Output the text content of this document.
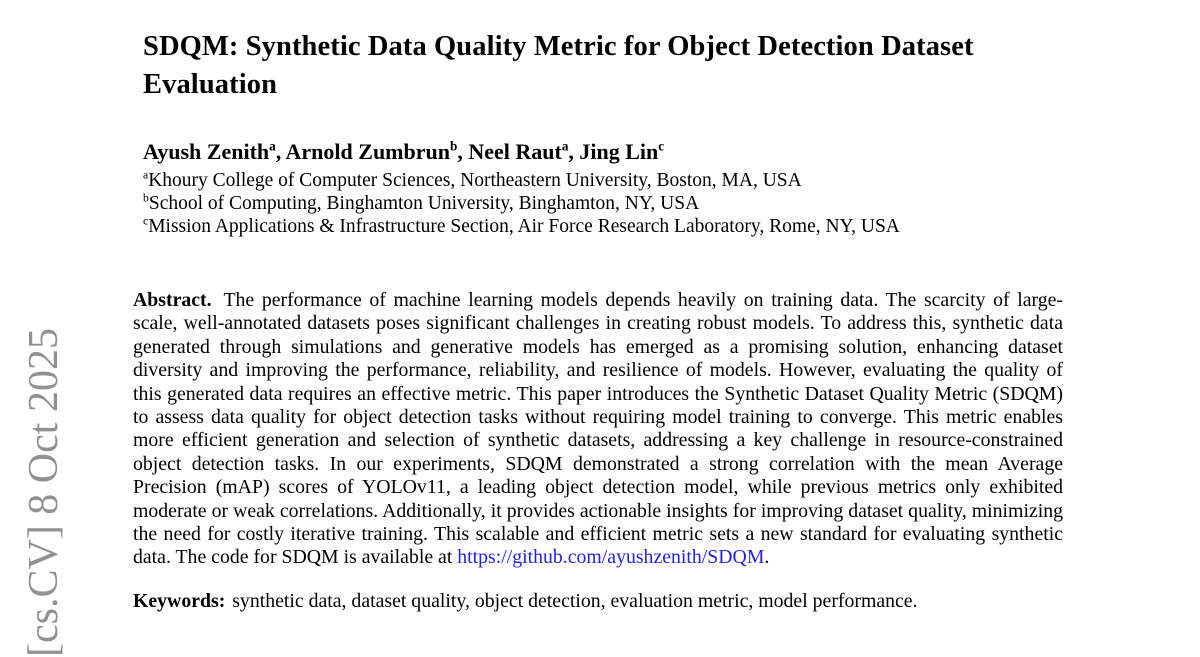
[cs.CV] 8 Oct 2025
SDQM: Synthetic Data Quality Metric for Object Detection Dataset Evaluation
Ayush Zenith$^a$, Arnold Zumbrun$^b$, Neel Raut$^a$, Jing Lin$^c$
$^a$Khoury College of Computer Sciences, Northeastern University, Boston, MA, USA
$^b$School of Computing, Binghamton University, Binghamton, NY, USA
$^c$Mission Applications & Infrastructure Section, Air Force Research Laboratory, Rome, NY, USA

Abstract. The performance of machine learning models depends heavily on training data. The scarcity of large-scale, well-annotated datasets poses significant challenges in creating robust models. To address this, synthetic data generated through simulations and generative models has emerged as a promising solution, enhancing dataset diversity and improving the performance, reliability, and resilience of models. However, evaluating the quality of this generated data requires an effective metric. This paper introduces the Synthetic Dataset Quality Metric (SDQM) to assess data quality for object detection tasks without requiring model training to converge. This metric enables more efficient generation and selection of synthetic datasets, addressing a key challenge in resource-constrained object detection tasks. In our experiments, SDQM demonstrated a strong correlation with the mean Average Precision (mAP) scores of YOLOv11, a leading object detection model, while previous metrics only exhibited moderate or weak correlations. Additionally, it provides actionable insights for improving dataset quality, minimizing the need for costly iterative training. This scalable and efficient metric sets a new standard for evaluating synthetic data. The code for SDQM is available at https://github.com/ayushzenith/SDQM.

Keywords: synthetic data, dataset quality, object detection, evaluation metric, model performance.
